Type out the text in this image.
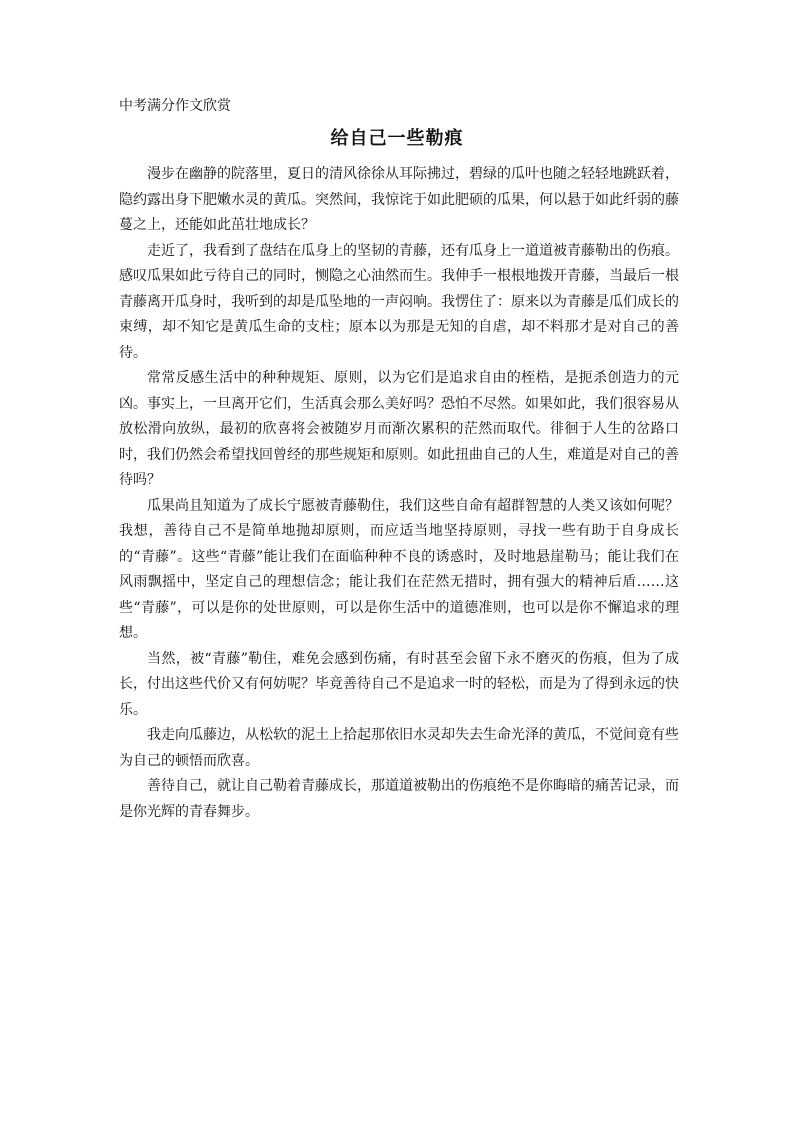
中考满分作文欣赏
给自己一些勒痕

漫步在幽静的院落里，夏日的清风徐徐从耳际拂过，碧绿的瓜叶也随之轻轻地跳跃着，隐约露出身下肥嫩水灵的黄瓜。突然间，我惊诧于如此肥硕的瓜果，何以悬于如此纤弱的藤蔓之上，还能如此茁壮地成长？

走近了，我看到了盘结在瓜身上的坚韧的青藤，还有瓜身上一道道被青藤勒出的伤痕。感叹瓜果如此亏待自己的同时，恻隐之心油然而生。我伸手一根根地拨开青藤，当最后一根青藤离开瓜身时，我听到的却是瓜坠地的一声闷响。我愣住了：原来以为青藤是瓜们成长的束缚，却不知它是黄瓜生命的支柱；原本以为那是无知的自虐，却不料那才是对自己的善待。

常常反感生活中的种种规矩、原则，以为它们是追求自由的桎梏，是扼杀创造力的元凶。事实上，一旦离开它们，生活真会那么美好吗？恐怕不尽然。如果如此，我们很容易从放松滑向放纵，最初的欣喜将会被随岁月而渐次累积的茫然而取代。徘徊于人生的岔路口时，我们仍然会希望找回曾经的那些规矩和原则。如此扭曲自己的人生，难道是对自己的善待吗？

瓜果尚且知道为了成长宁愿被青藤勒住，我们这些自命有超群智慧的人类又该如何呢？我想，善待自己不是简单地抛却原则，而应适当地坚持原则，寻找一些有助于自身成长的“青藤”。这些“青藤”能让我们在面临种种不良的诱惑时，及时地悬崖勒马；能让我们在风雨飘摇中，坚定自己的理想信念；能让我们在茫然无措时，拥有强大的精神后盾……这些“青藤”，可以是你的处世原则，可以是你生活中的道德准则，也可以是你不懈追求的理想。

当然，被“青藤”勒住，难免会感到伤痛，有时甚至会留下永不磨灭的伤痕，但为了成长，付出这些代价又有何妨呢？毕竟善待自己不是追求一时的轻松，而是为了得到永远的快乐。

我走向瓜藤边，从松软的泥土上拾起那依旧水灵却失去生命光泽的黄瓜，不觉间竟有些为自己的顿悟而欣喜。

善待自己，就让自己勒着青藤成长，那道道被勒出的伤痕绝不是你晦暗的痛苦记录，而是你光辉的青春舞步。
